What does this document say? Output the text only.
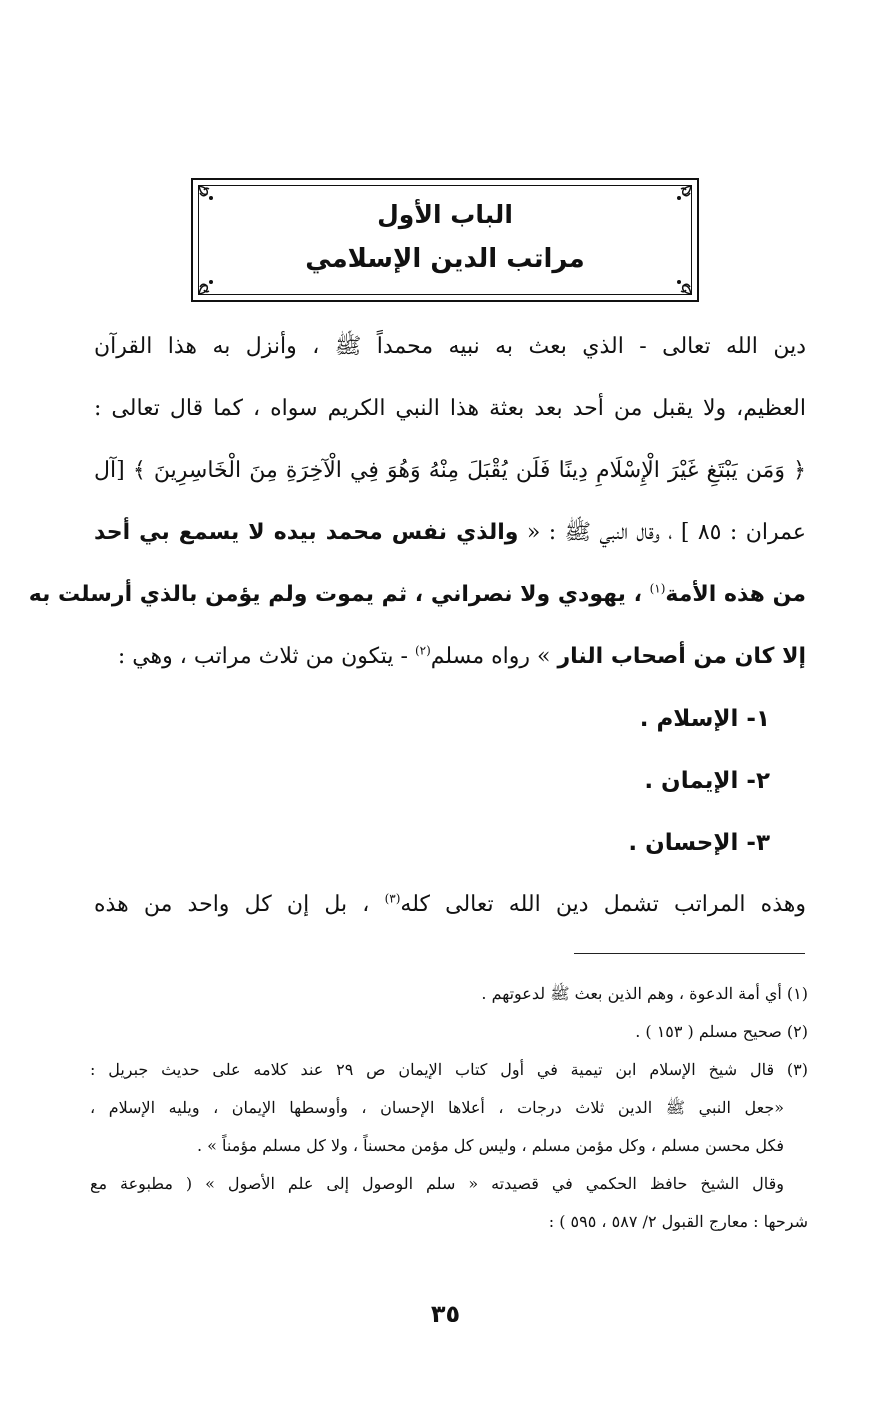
الباب الأول
مراتب الدين الإسلامي
دين الله تعالى - الذي بعث به نبيه محمداً ﷺ ، وأنزل به هذا القرآن
العظيم، ولا يقبل من أحد بعد بعثة هذا النبي الكريم سواه ، كما قال تعالى :
﴿ وَمَن يَبْتَغِ غَيْرَ الْإِسْلَامِ دِينًا فَلَن يُقْبَلَ مِنْهُ وَهُوَ فِي الْآخِرَةِ مِنَ الْخَاسِرِينَ ﴾ [آل
عمران : ٨٥ ] ، وقال النبي ﷺ : « والذي نفس محمد بيده لا يسمع بي أحد
من هذه الأمة$^{(١)}$ ، يهودي ولا نصراني ، ثم يموت ولم يؤمن بالذي أرسلت به
إلا كان من أصحاب النار » رواه مسلم$^{(٢)}$ - يتكون من ثلاث مراتب ، وهي :
١- الإسلام .
٢- الإيمان .
٣- الإحسان .
وهذه المراتب تشمل دين الله تعالى كله$^{(٣)}$ ، بل إن كل واحد من هذه
(١) أي أمة الدعوة ، وهم الذين بعث ﷺ لدعوتهم .
(٢) صحيح مسلم ( ١٥٣ ) .
(٣) قال شيخ الإسلام ابن تيمية في أول كتاب الإيمان ص ٢٩ عند كلامه على حديث جبريل :
«جعل النبي ﷺ الدين ثلاث درجات ، أعلاها الإحسان ، وأوسطها الإيمان ، ويليه الإسلام ،
فكل محسن مسلم ، وكل مؤمن مسلم ، وليس كل مؤمن محسناً ، ولا كل مسلم مؤمناً » .
وقال الشيخ حافظ الحكمي في قصيدته « سلم الوصول إلى علم الأصول » ( مطبوعة مع
شرحها : معارج القبول ٢/ ٥٨٧ ، ٥٩٥ ) :
٣٥
